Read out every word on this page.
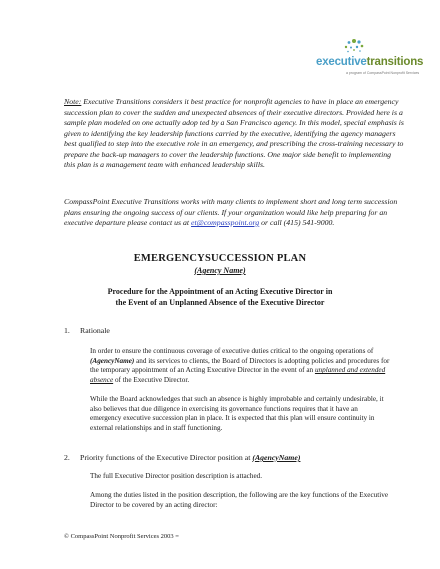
executivetransitions
a program of CompassPoint Nonprofit Services
Note: Executive Transitions considers it best practice for nonprofit agencies to have in place an emergency succession plan to cover the sudden and unexpected absences of their executive directors. Provided here is a sample plan modeled on one actually adop ted by a San Francisco agency. In this model, special emphasis is given to identifying the key leadership functions carried by the executive, identifying the agency managers best qualified to step into the executive role in an emergency, and prescribing the cross-training necessary to prepare the back-up managers to cover the leadership functions. One major side benefit to implementing this plan is a management team with enhanced leadership skills.
CompassPoint Executive Transitions works with many clients to implement short and long term succession plans ensuring the ongoing success of our clients. If your organization would like help preparing for an executive departure please contact us at et@compasspoint.org or call (415) 541-9000.
EMERGENCYSUCCESSION PLAN
(Agency Name)
Procedure for the Appointment of an Acting Executive Director in
the Event of an Unplanned Absence of the Executive Director
1. Rationale
In order to ensure the continuous coverage of executive duties critical to the ongoing operations of (AgencyName) and its services to clients, the Board of Directors is adopting policies and procedures for the temporary appointment of an Acting Executive Director in the event of an unplanned and extended absence of the Executive Director.
While the Board acknowledges that such an absence is highly improbable and certainly undesirable, it also believes that due diligence in exercising its governance functions requires that it have an emergency executive succession plan in place. It is expected that this plan will ensure continuity in external relationships and in staff functioning.
2. Priority functions of the Executive Director position at (AgencyName)
The full Executive Director position description is attached.
Among the duties listed in the position description, the following are the key functions of the Executive Director to be covered by an acting director:
© CompassPoint Nonprofit Services 2003 =
